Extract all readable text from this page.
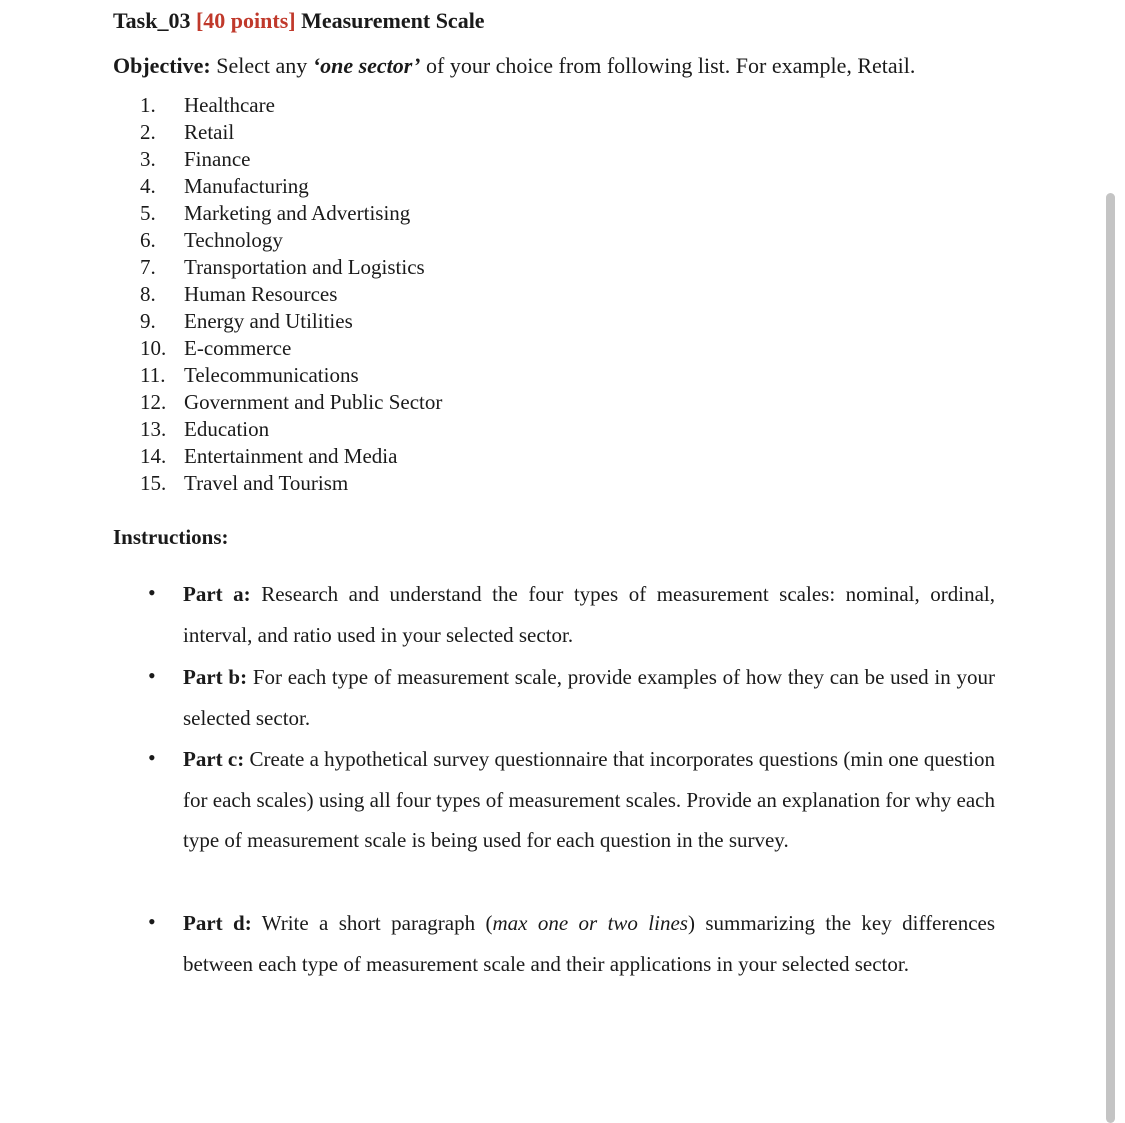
Task_03 [40 points] Measurement Scale
Objective: Select any ‘one sector’ of your choice from following list. For example, Retail.
1.	Healthcare
2.	Retail
3.	Finance
4.	Manufacturing
5.	Marketing and Advertising
6.	Technology
7.	Transportation and Logistics
8.	Human Resources
9.	Energy and Utilities
10. E-commerce
11. Telecommunications
12. Government and Public Sector
13. Education
14. Entertainment and Media
15. Travel and Tourism
Instructions:
• Part a: Research and understand the four types of measurement scales: nominal, ordinal, interval, and ratio used in your selected sector.
• Part b: For each type of measurement scale, provide examples of how they can be used in your selected sector.
• Part c: Create a hypothetical survey questionnaire that incorporates questions (min one question for each scales) using all four types of measurement scales. Provide an explanation for why each type of measurement scale is being used for each question in the survey.
• Part d: Write a short paragraph (max one or two lines) summarizing the key differences between each type of measurement scale and their applications in your selected sector.
